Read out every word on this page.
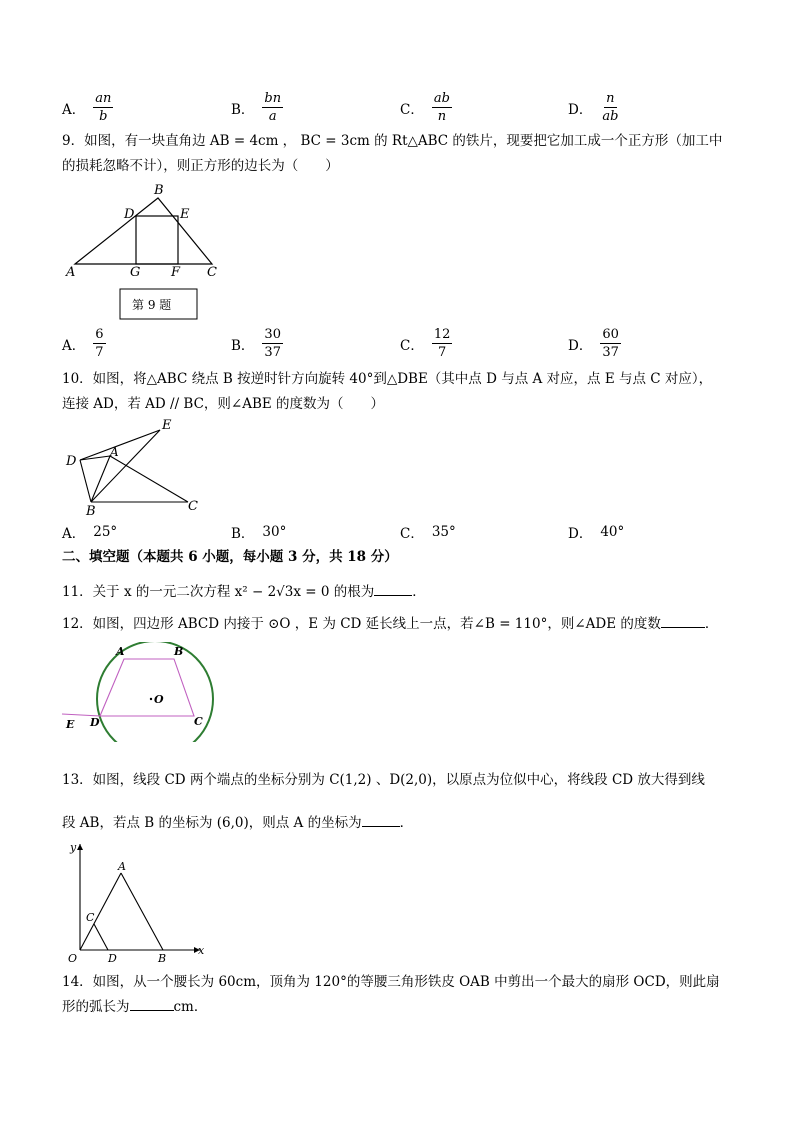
A． $\frac{an}{b}$	B． $\frac{bn}{a}$	C． $\frac{ab}{n}$	D． $\frac{n}{ab}$
9．如图，有一块直角边 AB = 4cm ， BC = 3cm 的 Rt△ABC 的铁片，现要把它加工成一个正方形（加工中
的损耗忽略不计），则正方形的边长为（　　）
B
D	E
A	G F C
第 9 题
A． $\frac{6}{7}$	B． $\frac{30}{37}$	C． $\frac{12}{7}$	D． $\frac{60}{37}$
10．如图，将△ABC 绕点 B 按逆时针方向旋转 40°到△DBE（其中点 D 与点 A 对应，点 E 与点 C 对应），
连接 AD，若 AD // BC，则∠ABE 的度数为（　　）
E
D
A
B	C
A． 25°	B． 30°	C． 35°	D． 40°
二、填空题（本题共 6 小题，每小题 3 分，共 18 分）
11．关于 x 的一元二次方程 x² − 2√3x = 0 的根为	．
12．如图，四边形 ABCD 内接于 ⊙O ，E 为 CD 延长线上一点，若∠B = 110°，则∠ADE 的度数	．
A	B
O
E D	C
13．如图，线段 CD 两个端点的坐标分别为 C(1,2) 、D(2,0)，以原点为位似中心，将线段 CD 放大得到线
段 AB，若点 B 的坐标为 (6,0)，则点 A 的坐标为	．
y
A
C
O	D	B
x
14．如图，从一个腰长为 60cm，顶角为 120°的等腰三角形铁皮 OAB 中剪出一个最大的扇形 OCD，则此扇
形的弧长为	cm．
